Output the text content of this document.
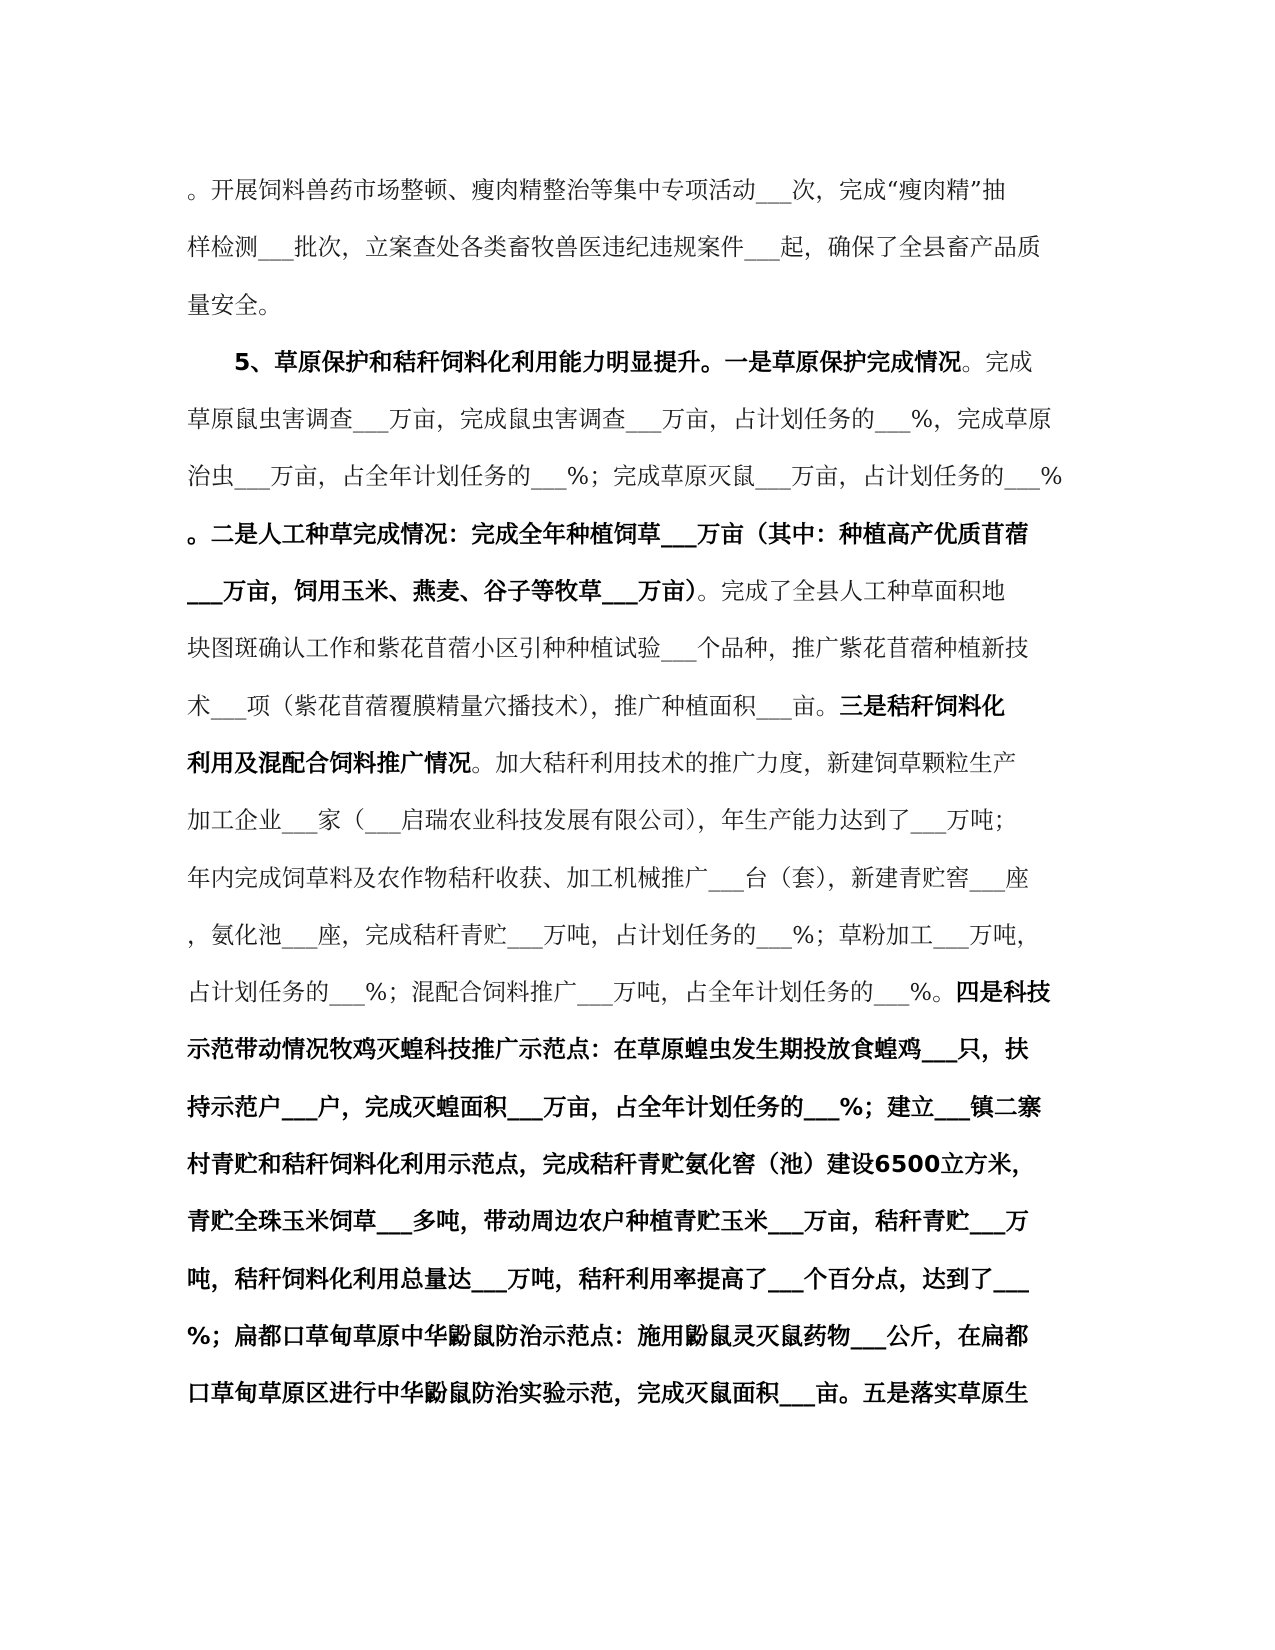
。开展饲料兽药市场整顿、瘦肉精整治等集中专项活动___次，完成“瘦肉精”抽
样检测___批次，立案查处各类畜牧兽医违纪违规案件___起，确保了全县畜产品质
量安全。
5、草原保护和秸秆饲料化利用能力明显提升。一是草原保护完成情况。完成
草原鼠虫害调查___万亩，完成鼠虫害调查___万亩，占计划任务的___%，完成草原
治虫___万亩，占全年计划任务的___%；完成草原灭鼠___万亩，占计划任务的___%
。二是人工种草完成情况：完成全年种植饲草___万亩（其中：种植高产优质苜蓿
___万亩，饲用玉米、燕麦、谷子等牧草___万亩）。完成了全县人工种草面积地
块图斑确认工作和紫花苜蓿小区引种种植试验___个品种，推广紫花苜蓿种植新技
术___项（紫花苜蓿覆膜精量穴播技术），推广种植面积___亩。三是秸秆饲料化
利用及混配合饲料推广情况。加大秸秆利用技术的推广力度，新建饲草颗粒生产
加工企业___家（___启瑞农业科技发展有限公司），年生产能力达到了___万吨；
年内完成饲草料及农作物秸秆收获、加工机械推广___台（套），新建青贮窖___座
，氨化池___座，完成秸秆青贮___万吨，占计划任务的___%；草粉加工___万吨，
占计划任务的___%；混配合饲料推广___万吨，占全年计划任务的___%。四是科技
示范带动情况牧鸡灭蝗科技推广示范点：在草原蝗虫发生期投放食蝗鸡___只，扶
持示范户___户，完成灭蝗面积___万亩，占全年计划任务的___%；建立___镇二寨
村青贮和秸秆饲料化利用示范点，完成秸秆青贮氨化窖（池）建设6500立方米，
青贮全珠玉米饲草___多吨，带动周边农户种植青贮玉米___万亩，秸秆青贮___万
吨，秸秆饲料化利用总量达___万吨，秸秆利用率提高了___个百分点，达到了___
%；扁都口草甸草原中华鼢鼠防治示范点：施用鼢鼠灵灭鼠药物___公斤，在扁都
口草甸草原区进行中华鼢鼠防治实验示范，完成灭鼠面积___亩。五是落实草原生
